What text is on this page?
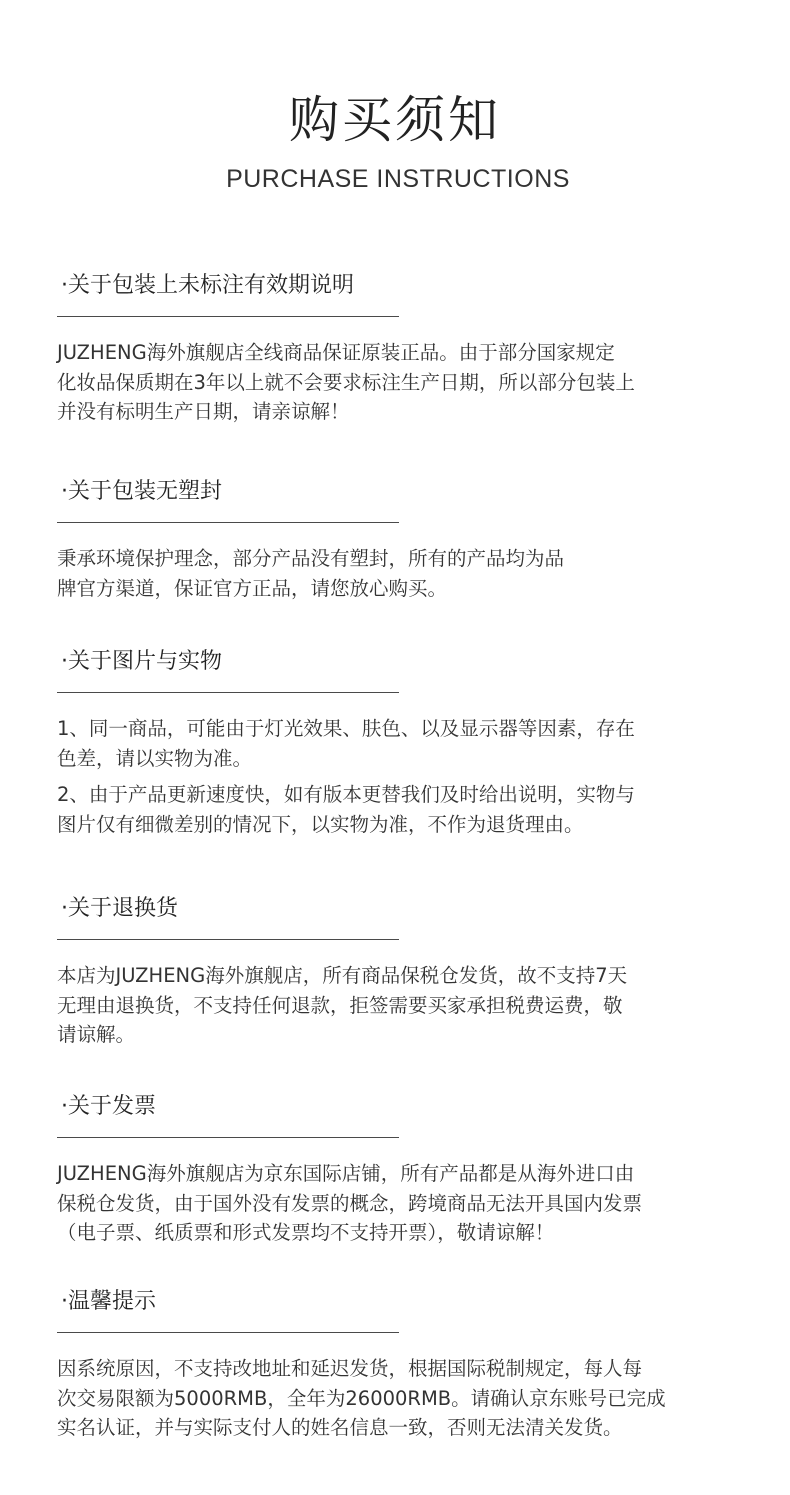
购买须知
PURCHASE INSTRUCTIONS
·关于包装上未标注有效期说明

JUZHENG海外旗舰店全线商品保证原装正品。由于部分国家规定
化妆品保质期在3年以上就不会要求标注生产日期，所以部分包装上
并没有标明生产日期，请亲谅解！

·关于包装无塑封

秉承环境保护理念，部分产品没有塑封，所有的产品均为品
牌官方渠道，保证官方正品，请您放心购买。

·关于图片与实物

1、同一商品，可能由于灯光效果、肤色、以及显示器等因素，存在
色差，请以实物为准。

2、由于产品更新速度快，如有版本更替我们及时给出说明，实物与
图片仅有细微差别的情况下，以实物为准，不作为退货理由。

·关于退换货

本店为JUZHENG海外旗舰店，所有商品保税仓发货，故不支持7天
无理由退换货，不支持任何退款，拒签需要买家承担税费运费，敬
请谅解。

·关于发票

JUZHENG海外旗舰店为京东国际店铺，所有产品都是从海外进口由
保税仓发货，由于国外没有发票的概念，跨境商品无法开具国内发票
（电子票、纸质票和形式发票均不支持开票），敬请谅解！

·温馨提示

因系统原因，不支持改地址和延迟发货，根据国际税制规定，每人每
次交易限额为5000RMB，全年为26000RMB。请确认京东账号已完成
实名认证，并与实际支付人的姓名信息一致，否则无法清关发货。
